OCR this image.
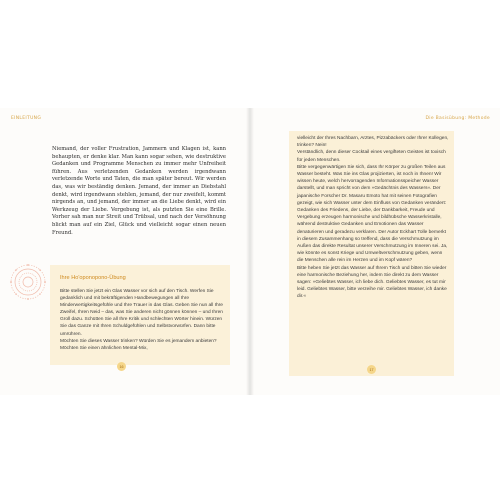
EINLEITUNG	Die Basisübung: Methode

Niemand, der voller Frustration, Jammern und Klagen ist, kann behaupten, er denke klar. Man kann sogar sehen, wie destruktive Gedanken und Programme Menschen zu immer mehr Unfreiheit führen. Aus verletzenden Gedanken werden irgendwann verletzende Worte und Taten, die man später bereut. Wir werden das, was wir beständig denken. Jemand, der immer an Diebstahl denkt, wird irgendwann stehlen, jemand, der nur zweifelt, kommt nirgends an, und jemand, der immer an die Liebe denkt, wird ein Werkzeug der Liebe. Vergebung ist, als putzten Sie eine Brille. Vorher sah man nur Streit und Trübsal, und nach der Versöhnung blickt man auf ein Ziel, Glück und vielleicht sogar einen neuen Freund.

Ihre Ho'oponopono-Übung

Bitte stellen Sie jetzt ein Glas Wasser vor sich auf den Tisch. Werfen Sie gedanklich und mit bekräftigenden Handbewegungen all Ihre Minderwertigkeitsgefühle und Ihre Trauer in das Glas. Geben Sie nun all Ihre Zweifel, Ihren Neid – das, was Sie anderen nicht gönnen können – und Ihren Groll dazu. Schütten Sie all Ihre Kritik und schlechten Wörter hinein. Würzen Sie das Ganze mit Ihren Schuldgefühlen und Selbstvorwürfen. Dann bitte umrühren.

Möchten Sie dieses Wasser trinken? Würden Sie es jemandem anbieten? Möchten Sie einen ähnlichen Mental-Mix,

vielleicht der Ihres Nachbarn, Arztes, Pizzabäckers oder Ihrer Kollegen, trinken? Nein!

Verständlich, denn dieser Cocktail eines vergifteten Geistes ist toxisch für jeden Menschen.

Bitte vergegenwärtigen Sie sich, dass Ihr Körper zu großen Teilen aus Wasser besteht. Was Sie ins Glas projizierten, ist noch in Ihnen! Wir wissen heute, welch hervorragenden Informationsspeicher Wasser darstellt, und man spricht von dem »Gedächtnis des Wassers«. Der japanische Forscher Dr. Masaru Emoto hat mit seinen Fotografien gezeigt, wie sich Wasser unter dem Einfluss von Gedanken verändert: Gedanken des Friedens, der Liebe, der Dankbarkeit, Freude und Vergebung erzeugen harmonische und bildhübsche Wasserkristalle, während destruktive Gedanken und Emotionen das Wasser denaturieren und geradezu verklaren. Der Autor Eckhart Tolle bemerkt in diesem Zusammenhang so treffend, dass die Verschmutzung im Außen das direkte Resultat unserer Verschmutzung im Inneren sei. Ja, wie könnte es sonst Kriege und Umweltverschmutzung geben, wenn die Menschen alle rein im Herzen und im Kopf wären?

Bitte heben Sie jetzt das Wasser auf Ihrem Tisch und bitten Sie wieder eine harmonische Beziehung her, indem Sie direkt zu dem Wasser sagen: »Geliebtes Wasser, ich liebe dich. Geliebtes Wasser, es tut mir leid. Geliebtes Wasser, bitte verzeihe mir. Geliebtes Wasser, ich danke dir.«

16
17
